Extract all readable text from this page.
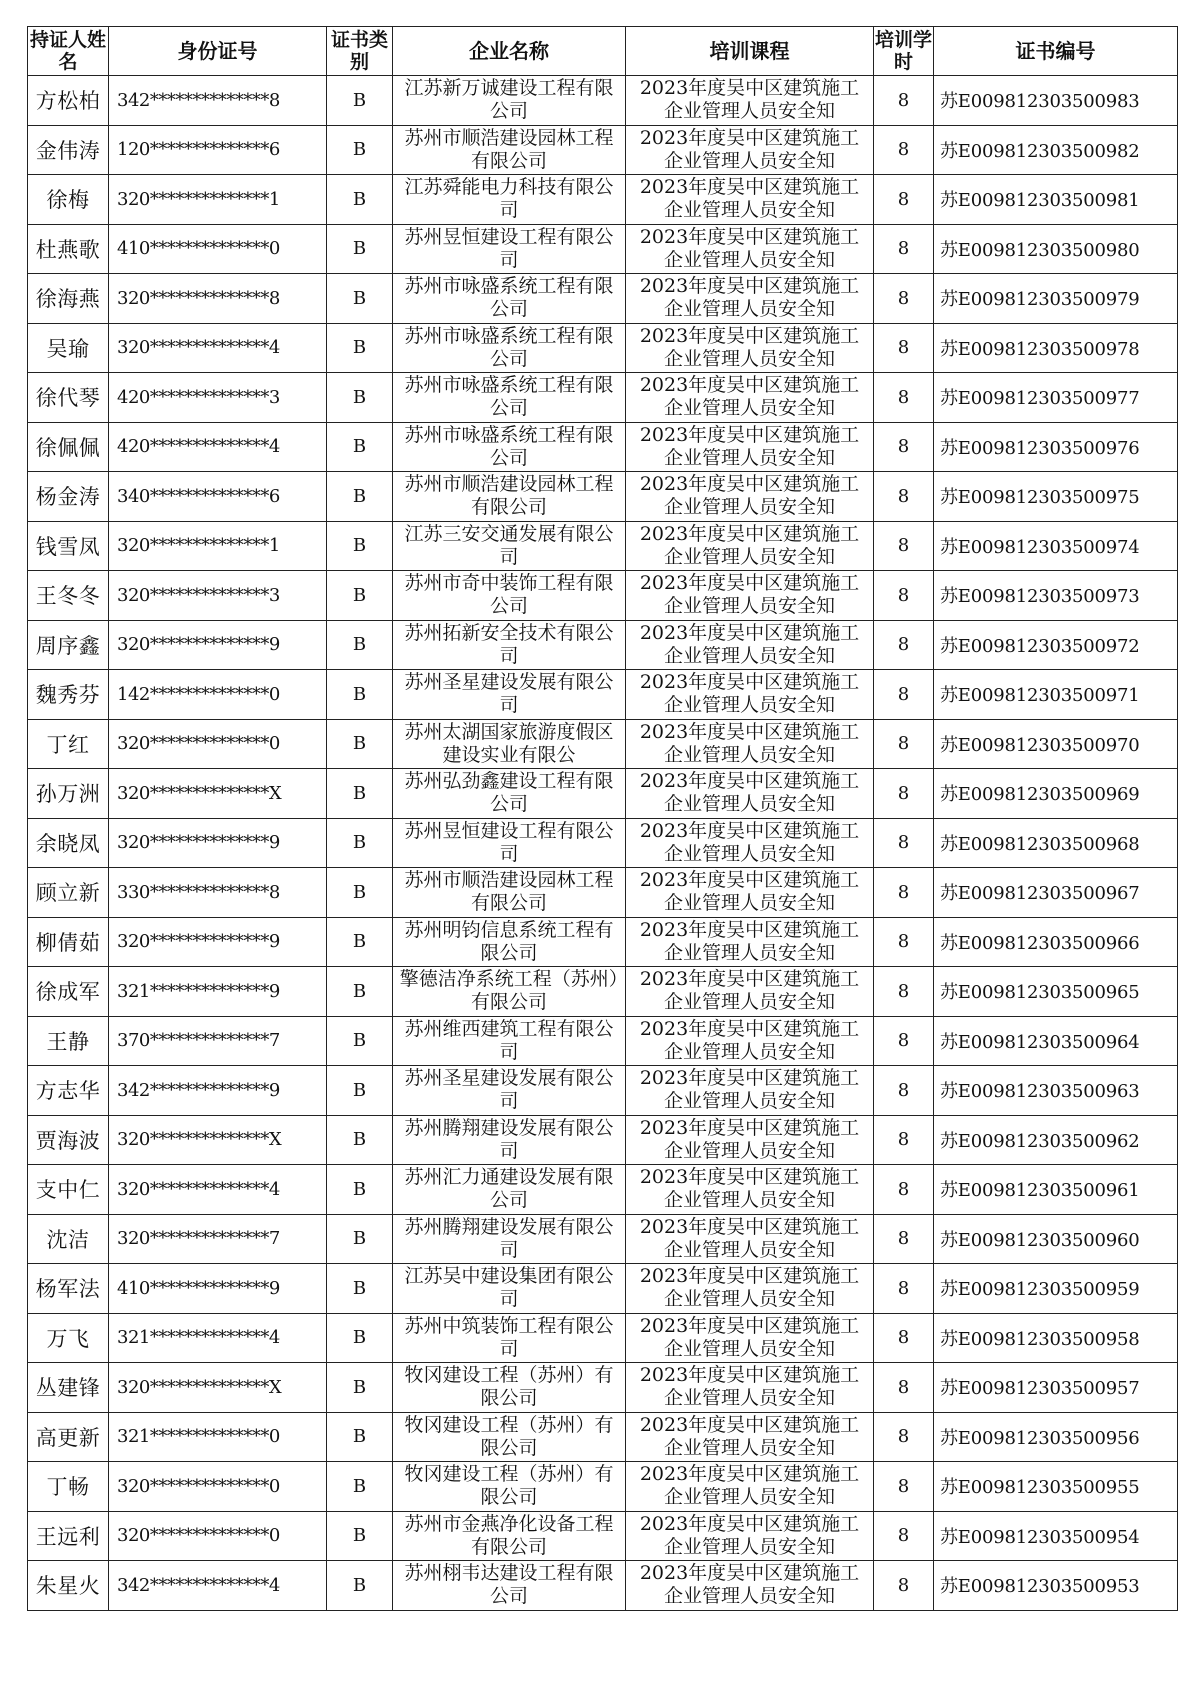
持证人姓名	身份证号	证书类别	企业名称	培训课程	培训学时	证书编号
方松柏	342**************8	B	江苏新万诚建设工程有限公司	2023年度吴中区建筑施工企业管理人员安全知	8	苏E009812303500983
金伟涛	120**************6	B	苏州市顺浩建设园林工程有限公司	2023年度吴中区建筑施工企业管理人员安全知	8	苏E009812303500982
徐梅	320**************1	B	江苏舜能电力科技有限公司	2023年度吴中区建筑施工企业管理人员安全知	8	苏E009812303500981
杜燕歌	410**************0	B	苏州昱恒建设工程有限公司	2023年度吴中区建筑施工企业管理人员安全知	8	苏E009812303500980
徐海燕	320**************8	B	苏州市咏盛系统工程有限公司	2023年度吴中区建筑施工企业管理人员安全知	8	苏E009812303500979
吴瑜	320**************4	B	苏州市咏盛系统工程有限公司	2023年度吴中区建筑施工企业管理人员安全知	8	苏E009812303500978
徐代琴	420**************3	B	苏州市咏盛系统工程有限公司	2023年度吴中区建筑施工企业管理人员安全知	8	苏E009812303500977
徐佩佩	420**************4	B	苏州市咏盛系统工程有限公司	2023年度吴中区建筑施工企业管理人员安全知	8	苏E009812303500976
杨金涛	340**************6	B	苏州市顺浩建设园林工程有限公司	2023年度吴中区建筑施工企业管理人员安全知	8	苏E009812303500975
钱雪凤	320**************1	B	江苏三安交通发展有限公司	2023年度吴中区建筑施工企业管理人员安全知	8	苏E009812303500974
王冬冬	320**************3	B	苏州市奇中装饰工程有限公司	2023年度吴中区建筑施工企业管理人员安全知	8	苏E009812303500973
周序鑫	320**************9	B	苏州拓新安全技术有限公司	2023年度吴中区建筑施工企业管理人员安全知	8	苏E009812303500972
魏秀芬	142**************0	B	苏州圣星建设发展有限公司	2023年度吴中区建筑施工企业管理人员安全知	8	苏E009812303500971
丁红	320**************0	B	苏州太湖国家旅游度假区建设实业有限公	2023年度吴中区建筑施工企业管理人员安全知	8	苏E009812303500970
孙万洲	320**************X	B	苏州弘劲鑫建设工程有限公司	2023年度吴中区建筑施工企业管理人员安全知	8	苏E009812303500969
余晓凤	320**************9	B	苏州昱恒建设工程有限公司	2023年度吴中区建筑施工企业管理人员安全知	8	苏E009812303500968
顾立新	330**************8	B	苏州市顺浩建设园林工程有限公司	2023年度吴中区建筑施工企业管理人员安全知	8	苏E009812303500967
柳倩茹	320**************9	B	苏州明钧信息系统工程有限公司	2023年度吴中区建筑施工企业管理人员安全知	8	苏E009812303500966
徐成军	321**************9	B	擎德洁净系统工程（苏州）有限公司	2023年度吴中区建筑施工企业管理人员安全知	8	苏E009812303500965
王静	370**************7	B	苏州维西建筑工程有限公司	2023年度吴中区建筑施工企业管理人员安全知	8	苏E009812303500964
方志华	342**************9	B	苏州圣星建设发展有限公司	2023年度吴中区建筑施工企业管理人员安全知	8	苏E009812303500963
贾海波	320**************X	B	苏州腾翔建设发展有限公司	2023年度吴中区建筑施工企业管理人员安全知	8	苏E009812303500962
支中仁	320**************4	B	苏州汇力通建设发展有限公司	2023年度吴中区建筑施工企业管理人员安全知	8	苏E009812303500961
沈洁	320**************7	B	苏州腾翔建设发展有限公司	2023年度吴中区建筑施工企业管理人员安全知	8	苏E009812303500960
杨军法	410**************9	B	江苏吴中建设集团有限公司	2023年度吴中区建筑施工企业管理人员安全知	8	苏E009812303500959
万飞	321**************4	B	苏州中筑装饰工程有限公司	2023年度吴中区建筑施工企业管理人员安全知	8	苏E009812303500958
丛建锋	320**************X	B	牧冈建设工程（苏州）有限公司	2023年度吴中区建筑施工企业管理人员安全知	8	苏E009812303500957
高更新	321**************0	B	牧冈建设工程（苏州）有限公司	2023年度吴中区建筑施工企业管理人员安全知	8	苏E009812303500956
丁畅	320**************0	B	牧冈建设工程（苏州）有限公司	2023年度吴中区建筑施工企业管理人员安全知	8	苏E009812303500955
王远利	320**************0	B	苏州市金燕净化设备工程有限公司	2023年度吴中区建筑施工企业管理人员安全知	8	苏E009812303500954
朱星火	342**************4	B	苏州栩韦达建设工程有限公司	2023年度吴中区建筑施工企业管理人员安全知	8	苏E009812303500953
